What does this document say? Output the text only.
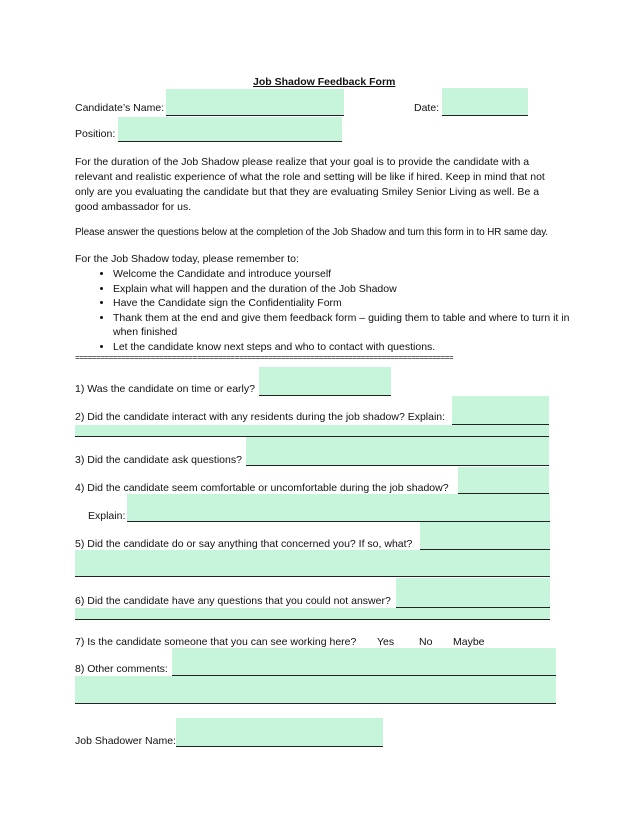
Job Shadow Feedback Form
Candidate’s Name:	Date:
Position:
For the duration of the Job Shadow please realize that your goal is to provide the candidate with a relevant and realistic experience of what the role and setting will be like if hired. Keep in mind that not only are you evaluating the candidate but that they are evaluating Smiley Senior Living as well. Be a good ambassador for us.
Please answer the questions below at the completion of the Job Shadow and turn this form in to HR same day.
For the Job Shadow today, please remember to:
• Welcome the Candidate and introduce yourself
• Explain what will happen and the duration of the Job Shadow
• Have the Candidate sign the Confidentiality Form
• Thank them at the end and give them feedback form – guiding them to table and where to turn it in when finished
• Let the candidate know next steps and who to contact with questions.
==========================================================================================
1) Was the candidate on time or early?
2) Did the candidate interact with any residents during the job shadow? Explain:
3) Did the candidate ask questions?
4) Did the candidate seem comfortable or uncomfortable during the job shadow?
Explain:
5) Did the candidate do or say anything that concerned you? If so, what?
6) Did the candidate have any questions that you could not answer?
7) Is the candidate someone that you can see working here? Yes No Maybe
8) Other comments:
Job Shadower Name:
